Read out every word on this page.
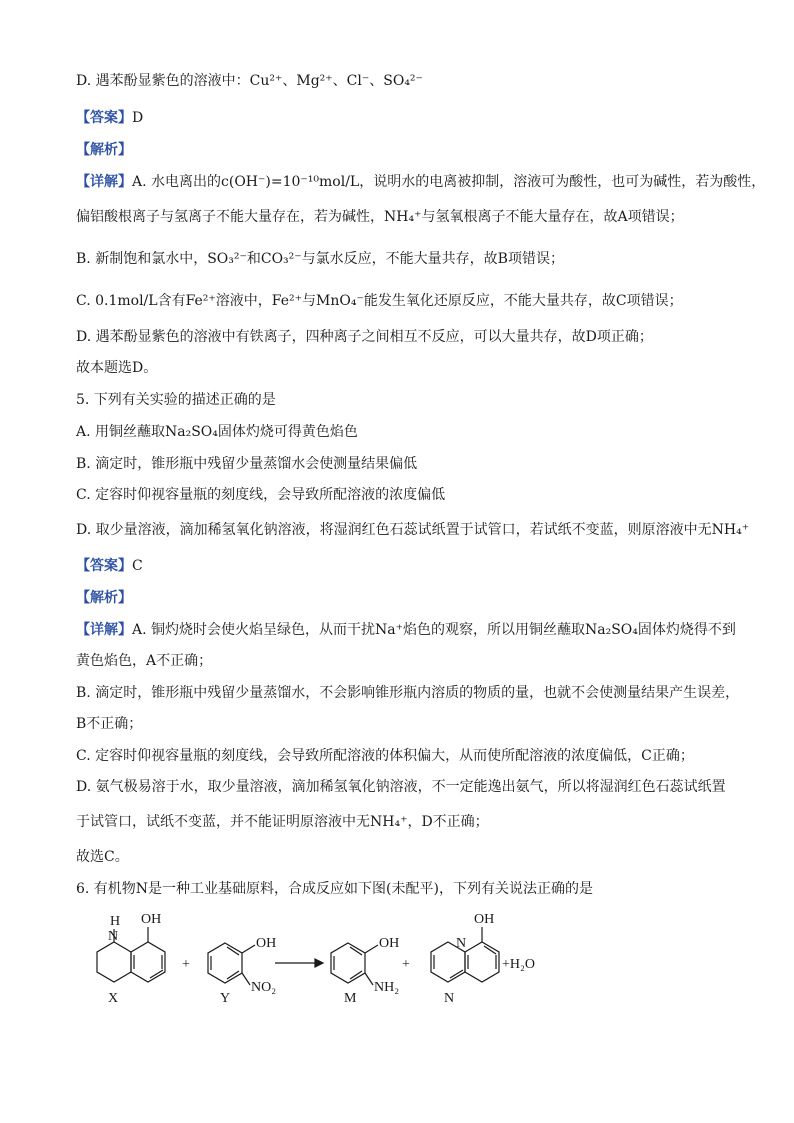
D. 遇苯酚显紫色的溶液中：Cu²⁺、Mg²⁺、Cl⁻、SO₄²⁻
【答案】D
【解析】
【详解】A. 水电离出的c(OH⁻)=10⁻¹⁰mol/L，说明水的电离被抑制，溶液可为酸性，也可为碱性，若为酸性，
偏铝酸根离子与氢离子不能大量存在，若为碱性，NH₄⁺与氢氧根离子不能大量存在，故A项错误；
B. 新制饱和氯水中，SO₃²⁻和CO₃²⁻与氯水反应，不能大量共存，故B项错误；
C. 0.1mol/L含有Fe²⁺溶液中，Fe²⁺与MnO₄⁻能发生氧化还原反应，不能大量共存，故C项错误；
D. 遇苯酚显紫色的溶液中有铁离子，四种离子之间相互不反应，可以大量共存，故D项正确；
故本题选D。
5. 下列有关实验的描述正确的是
A. 用铜丝蘸取Na₂SO₄固体灼烧可得黄色焰色
B. 滴定时，锥形瓶中残留少量蒸馏水会使测量结果偏低
C. 定容时仰视容量瓶的刻度线，会导致所配溶液的浓度偏低
D. 取少量溶液，滴加稀氢氧化钠溶液，将湿润红色石蕊试纸置于试管口，若试纸不变蓝，则原溶液中无NH₄⁺
【答案】C
【解析】
【详解】A. 铜灼烧时会使火焰呈绿色，从而干扰Na⁺焰色的观察，所以用铜丝蘸取Na₂SO₄固体灼烧得不到
黄色焰色，A不正确；
B. 滴定时，锥形瓶中残留少量蒸馏水，不会影响锥形瓶内溶质的物质的量，也就不会使测量结果产生误差，
B不正确；
C. 定容时仰视容量瓶的刻度线，会导致所配溶液的体积偏大，从而使所配溶液的浓度偏低，C正确；
D. 氨气极易溶于水，取少量溶液，滴加稀氢氧化钠溶液，不一定能逸出氨气，所以将湿润红色石蕊试纸置
于试管口，试纸不变蓝，并不能证明原溶液中无NH₄⁺，D不正确；
故选C。
6. 有机物N是一种工业基础原料，合成反应如下图(未配平)，下列有关说法正确的是
H
N
OH
X
+
OH
Y
NO₂
OH
M
NH₂
+
N
OH
N
+H₂O
